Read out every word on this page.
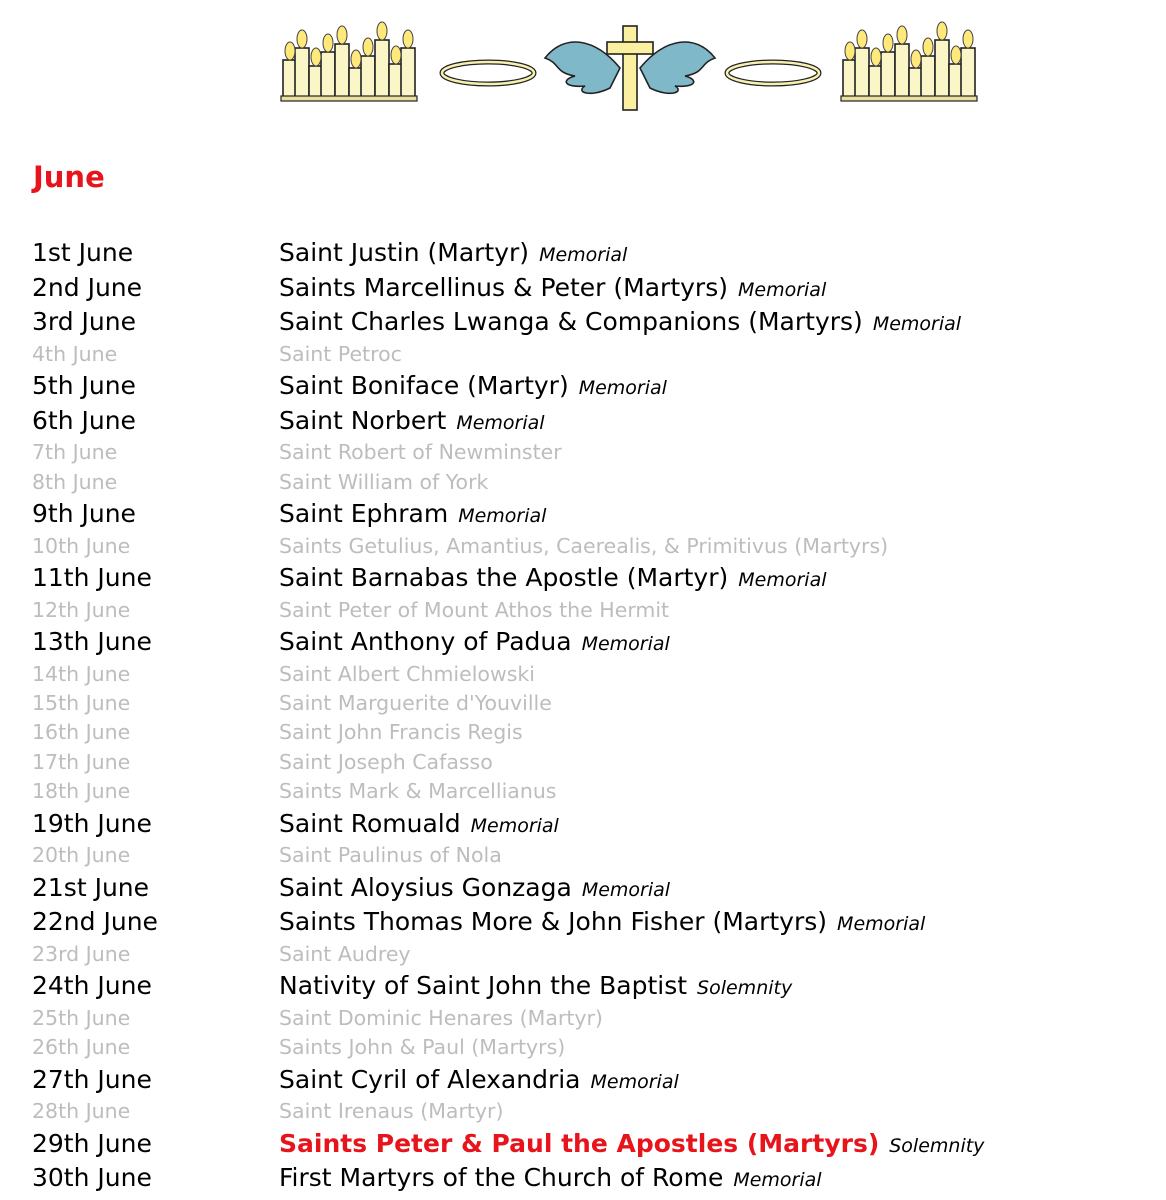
June
1st June	Saint Justin (Martyr) Memorial
2nd June	Saints Marcellinus & Peter (Martyrs) Memorial
3rd June	Saint Charles Lwanga & Companions (Martyrs) Memorial
4th June	Saint Petroc
5th June	Saint Boniface (Martyr) Memorial
6th June	Saint Norbert Memorial
7th June	Saint Robert of Newminster
8th June	Saint William of York
9th June	Saint Ephram Memorial
10th June	Saints Getulius, Amantius, Caerealis, & Primitivus (Martyrs)
11th June	Saint Barnabas the Apostle (Martyr) Memorial
12th June	Saint Peter of Mount Athos the Hermit
13th June	Saint Anthony of Padua Memorial
14th June	Saint Albert Chmielowski
15th June	Saint Marguerite d'Youville
16th June	Saint John Francis Regis
17th June	Saint Joseph Cafasso
18th June	Saints Mark & Marcellianus
19th June	Saint Romuald Memorial
20th June	Saint Paulinus of Nola
21st June	Saint Aloysius Gonzaga Memorial
22nd June	Saints Thomas More & John Fisher (Martyrs) Memorial
23rd June	Saint Audrey
24th June	Nativity of Saint John the Baptist Solemnity
25th June	Saint Dominic Henares (Martyr)
26th June	Saints John & Paul (Martyrs)
27th June	Saint Cyril of Alexandria Memorial
28th June	Saint Irenaus (Martyr)
29th June	Saints Peter & Paul the Apostles (Martyrs) Solemnity
30th June	First Martyrs of the Church of Rome Memorial
